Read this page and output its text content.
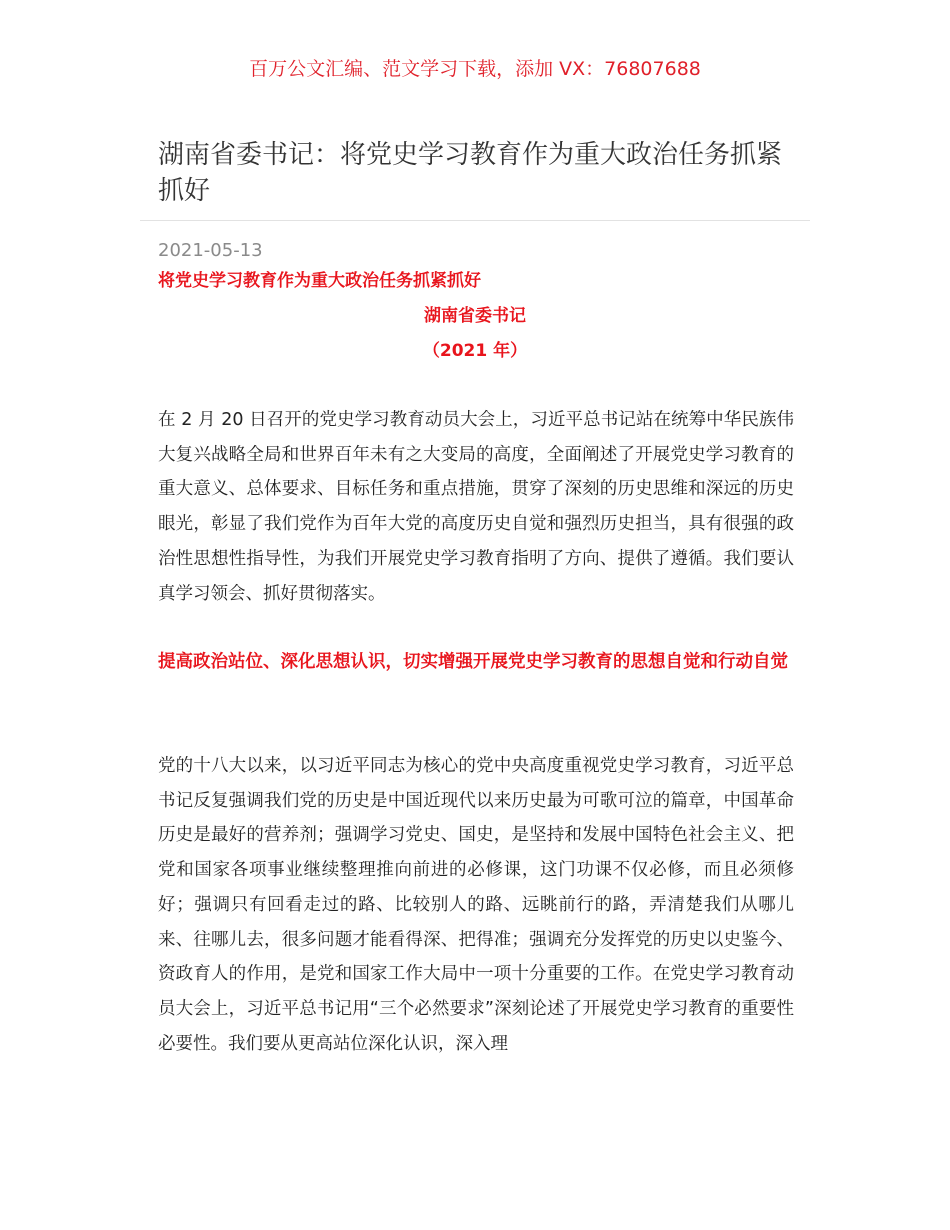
百万公文汇编、范文学习下载，添加 VX：76807688
湖南省委书记：将党史学习教育作为重大政治任务抓紧抓好
2021-05-13
将党史学习教育作为重大政治任务抓紧抓好
湖南省委书记
（2021 年）

在 2 月 20 日召开的党史学习教育动员大会上，习近平总书记站在统筹中华民族伟大复兴战略全局和世界百年未有之大变局的高度，全面阐述了开展党史学习教育的重大意义、总体要求、目标任务和重点措施，贯穿了深刻的历史思维和深远的历史眼光，彰显了我们党作为百年大党的高度历史自觉和强烈历史担当，具有很强的政治性思想性指导性，为我们开展党史学习教育指明了方向、提供了遵循。我们要认真学习领会、抓好贯彻落实。

提高政治站位、深化思想认识，切实增强开展党史学习教育的思想自觉和行动自觉

党的十八大以来，以习近平同志为核心的党中央高度重视党史学习教育，习近平总书记反复强调我们党的历史是中国近现代以来历史最为可歌可泣的篇章，中国革命历史是最好的营养剂；强调学习党史、国史，是坚持和发展中国特色社会主义、把党和国家各项事业继续整理推向前进的必修课，这门功课不仅必修，而且必须修好；强调只有回看走过的路、比较别人的路、远眺前行的路，弄清楚我们从哪儿来、往哪儿去，很多问题才能看得深、把得准；强调充分发挥党的历史以史鉴今、资政育人的作用，是党和国家工作大局中一项十分重要的工作。在党史学习教育动员大会上，习近平总书记用“三个必然要求”深刻论述了开展党史学习教育的重要性必要性。我们要从更高站位深化认识，深入理
